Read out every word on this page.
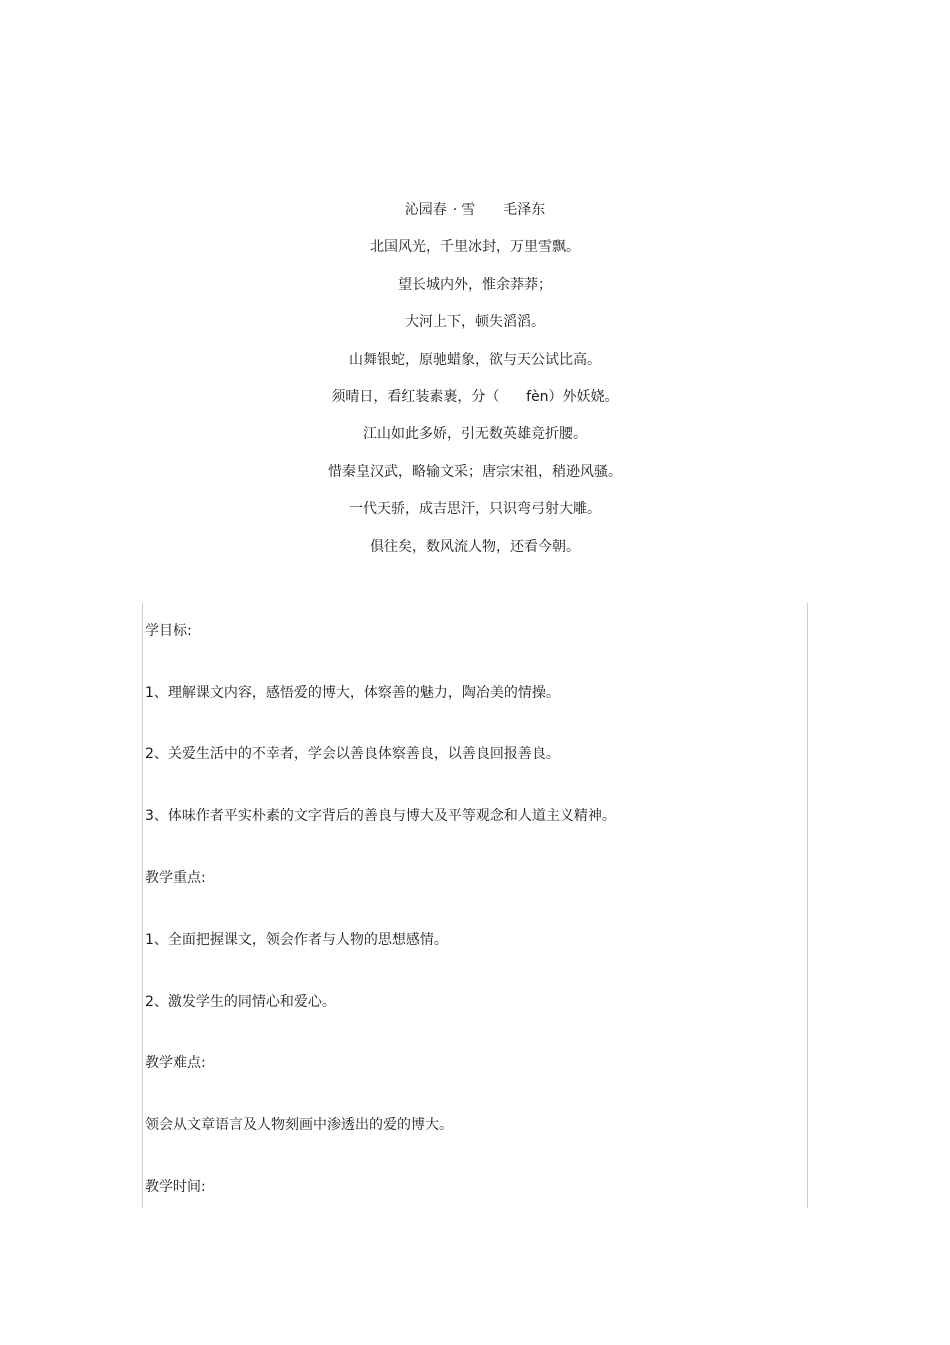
沁园春 · 雪 毛泽东
北国风光，千里冰封，万里雪飘。
望长城内外，惟余莽莽；
大河上下，顿失滔滔。
山舞银蛇，原驰蜡象，欲与天公试比高。
须晴日，看红装素裹，分（      fèn）外妖娆。
江山如此多娇，引无数英雄竞折腰。
惜秦皇汉武，略输文采；唐宗宋祖，稍逊风骚。
一代天骄，成吉思汗，只识弯弓射大雕。
俱往矣，数风流人物，还看今朝。
学目标:
1、理解课文内容，感悟爱的博大，体察善的魅力，陶冶美的情操。
2、关爱生活中的不幸者，学会以善良体察善良，以善良回报善良。
3、体味作者平实朴素的文字背后的善良与博大及平等观念和人道主义精神。
教学重点:
1、全面把握课文，领会作者与人物的思想感情。
2、激发学生的同情心和爱心。
教学难点:
领会从文章语言及人物刻画中渗透出的爱的博大。
教学时间:
